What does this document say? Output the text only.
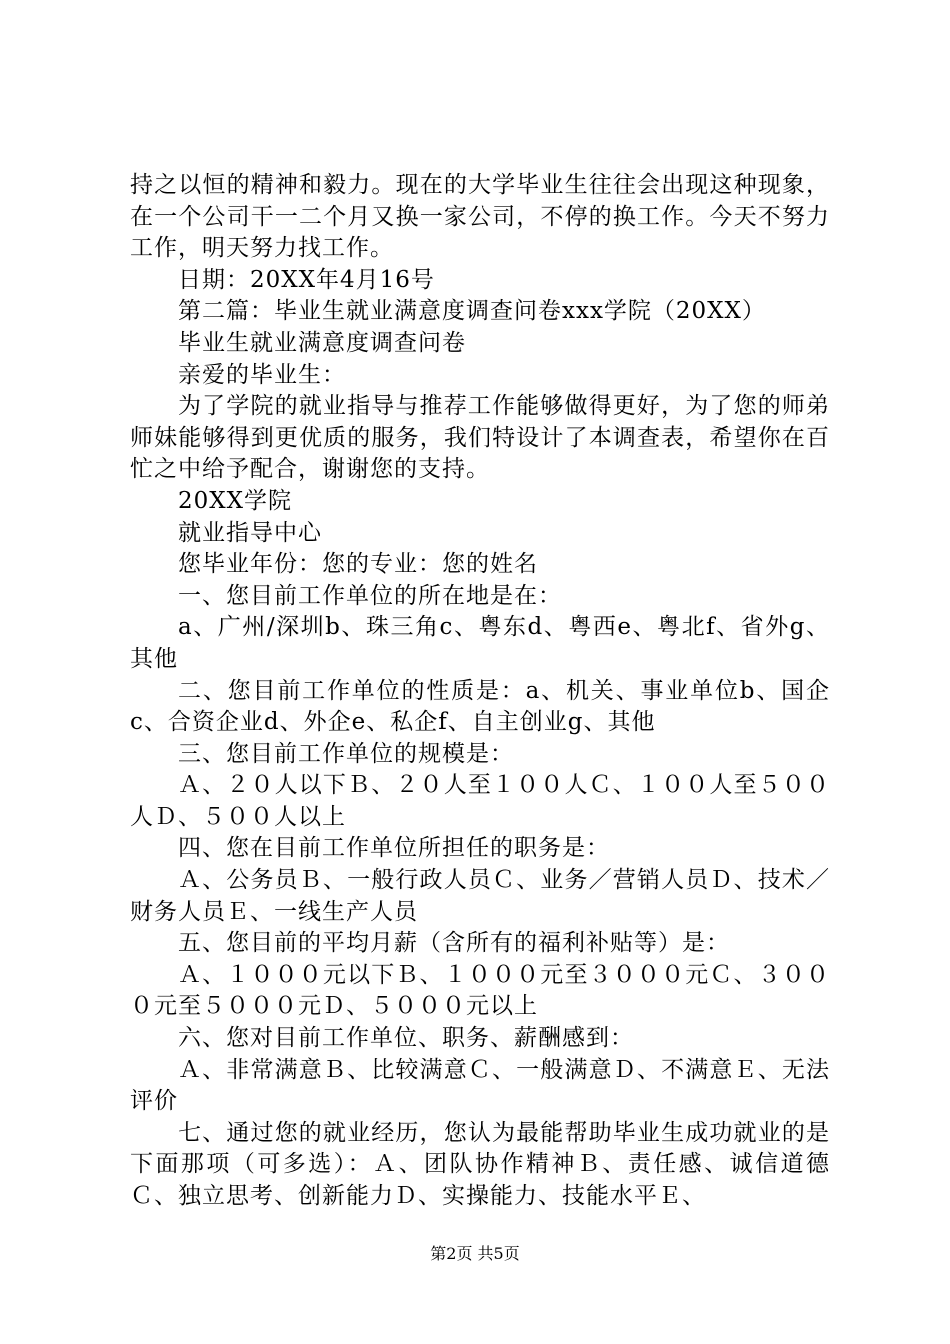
持之以恒的精神和毅力。现在的大学毕业生往往会出现这种现象，在一个公司干一二个月又换一家公司，不停的换工作。今天不努力工作，明天努力找工作。

日期：20XX年4月16号

第二篇：毕业生就业满意度调查问卷xxx学院（20XX）

毕业生就业满意度调查问卷

亲爱的毕业生：

为了学院的就业指导与推荐工作能够做得更好，为了您的师弟师妹能够得到更优质的服务，我们特设计了本调查表，希望你在百忙之中给予配合，谢谢您的支持。

20XX学院

就业指导中心

您毕业年份：您的专业：您的姓名

一、您目前工作单位的所在地是在：

a、广州/深圳b、珠三角c、粤东d、粤西e、粤北f、省外g、其他

二、您目前工作单位的性质是：a、机关、事业单位b、国企c、合资企业d、外企e、私企f、自主创业g、其他

三、您目前工作单位的规模是：

Ａ、２０人以下Ｂ、２０人至１００人Ｃ、１００人至５００人Ｄ、５００人以上

四、您在目前工作单位所担任的职务是：

Ａ、公务员Ｂ、一般行政人员Ｃ、业务／营销人员Ｄ、技术／财务人员Ｅ、一线生产人员

五、您目前的平均月薪（含所有的福利补贴等）是：

Ａ、１０００元以下Ｂ、１０００元至３０００元Ｃ、３０００元至５０００元Ｄ、５０００元以上

六、您对目前工作单位、职务、薪酬感到：

Ａ、非常满意Ｂ、比较满意Ｃ、一般满意Ｄ、不满意Ｅ、无法评价

七、通过您的就业经历，您认为最能帮助毕业生成功就业的是下面那项（可多选）：Ａ、团队协作精神Ｂ、责任感、诚信道德Ｃ、独立思考、创新能力Ｄ、实操能力、技能水平Ｅ、

第2页 共5页
